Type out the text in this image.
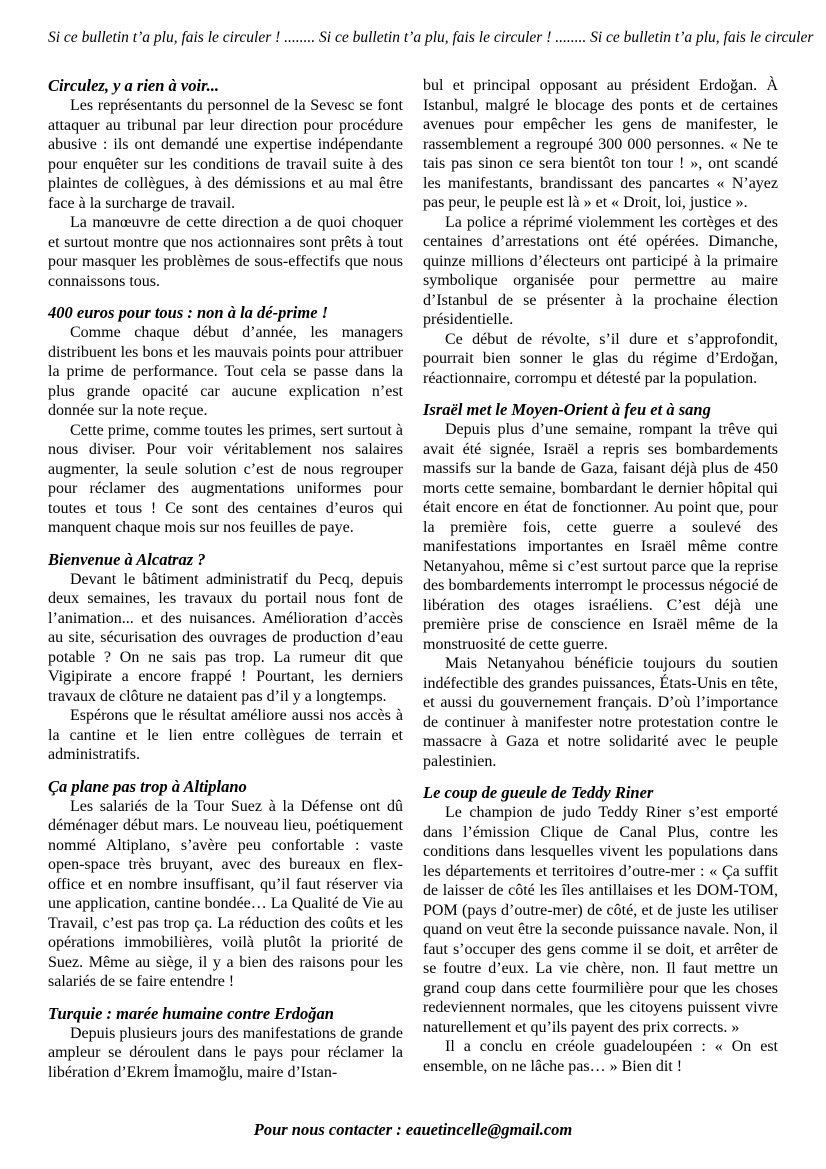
Si ce bulletin t’a plu, fais le circuler ! ........ Si ce bulletin t’a plu, fais le circuler ! ........ Si ce bulletin t’a plu, fais le circuler
Circulez, y a rien à voir...

Les représentants du personnel de la Sevesc se font attaquer au tribunal par leur direction pour procédure abusive : ils ont demandé une expertise indépendante pour enquêter sur les conditions de travail suite à des plaintes de collègues, à des démissions et au mal être face à la surcharge de travail.

La manœuvre de cette direction a de quoi choquer et surtout montre que nos actionnaires sont prêts à tout pour masquer les problèmes de sous-effectifs que nous connaissons tous.

400 euros pour tous : non à la dé-prime !

Comme chaque début d’année, les managers distribuent les bons et les mauvais points pour attribuer la prime de performance. Tout cela se passe dans la plus grande opacité car aucune explication n’est donnée sur la note reçue.

Cette prime, comme toutes les primes, sert surtout à nous diviser. Pour voir véritablement nos salaires augmenter, la seule solution c’est de nous regrouper pour réclamer des augmentations uniformes pour toutes et tous ! Ce sont des centaines d’euros qui manquent chaque mois sur nos feuilles de paye.

Bienvenue à Alcatraz ?

Devant le bâtiment administratif du Pecq, depuis deux semaines, les travaux du portail nous font de l’animation... et des nuisances. Amélioration d’accès au site, sécurisation des ouvrages de production d’eau potable ? On ne sais pas trop. La rumeur dit que Vigipirate a encore frappé ! Pourtant, les derniers travaux de clôture ne dataient pas d’il y a longtemps.

Espérons que le résultat améliore aussi nos accès à la cantine et le lien entre collègues de terrain et administratifs.

Ça plane pas trop à Altiplano

Les salariés de la Tour Suez à la Défense ont dû déménager début mars. Le nouveau lieu, poétiquement nommé Altiplano, s’avère peu confortable : vaste open-space très bruyant, avec des bureaux en flex-office et en nombre insuffisant, qu’il faut réserver via une application, cantine bondée… La Qualité de Vie au Travail, c’est pas trop ça. La réduction des coûts et les opérations immobilières, voilà plutôt la priorité de Suez. Même au siège, il y a bien des raisons pour les salariés de se faire entendre !

Turquie : marée humaine contre Erdoğan

Depuis plusieurs jours des manifestations de grande ampleur se déroulent dans le pays pour réclamer la libération d’Ekrem İmamoğlu, maire d’Istan-

bul et principal opposant au président Erdoğan. À Istanbul, malgré le blocage des ponts et de certaines avenues pour empêcher les gens de manifester, le rassemblement a regroupé 300 000 personnes. « Ne te tais pas sinon ce sera bientôt ton tour ! », ont scandé les manifestants, brandissant des pancartes « N’ayez pas peur, le peuple est là » et « Droit, loi, justice ».

La police a réprimé violemment les cortèges et des centaines d’arrestations ont été opérées. Dimanche, quinze millions d’électeurs ont participé à la primaire symbolique organisée pour permettre au maire d’Istanbul de se présenter à la prochaine élection présidentielle.

Ce début de révolte, s’il dure et s’approfondit, pourrait bien sonner le glas du régime d’Erdoğan, réactionnaire, corrompu et détesté par la population.

Israël met le Moyen-Orient à feu et à sang

Depuis plus d’une semaine, rompant la trêve qui avait été signée, Israël a repris ses bombardements massifs sur la bande de Gaza, faisant déjà plus de 450 morts cette semaine, bombardant le dernier hôpital qui était encore en état de fonctionner. Au point que, pour la première fois, cette guerre a soulevé des manifestations importantes en Israël même contre Netanyahou, même si c’est surtout parce que la reprise des bombardements interrompt le processus négocié de libération des otages israéliens. C’est déjà une première prise de conscience en Israël même de la monstruosité de cette guerre.

Mais Netanyahou bénéficie toujours du soutien indéfectible des grandes puissances, États-Unis en tête, et aussi du gouvernement français. D’où l’importance de continuer à manifester notre protestation contre le massacre à Gaza et notre solidarité avec le peuple palestinien.

Le coup de gueule de Teddy Riner

Le champion de judo Teddy Riner s’est emporté dans l’émission Clique de Canal Plus, contre les conditions dans lesquelles vivent les populations dans les départements et territoires d’outre-mer : « Ça suffit de laisser de côté les îles antillaises et les DOM-TOM, POM (pays d’outre-mer) de côté, et de juste les utiliser quand on veut être la seconde puissance navale. Non, il faut s’occuper des gens comme il se doit, et arrêter de se foutre d’eux. La vie chère, non. Il faut mettre un grand coup dans cette fourmilière pour que les choses redeviennent normales, que les citoyens puissent vivre naturellement et qu’ils payent des prix corrects. »

Il a conclu en créole guadeloupéen : « On est ensemble, on ne lâche pas… » Bien dit !

Pour nous contacter : eauetincelle@gmail.com
